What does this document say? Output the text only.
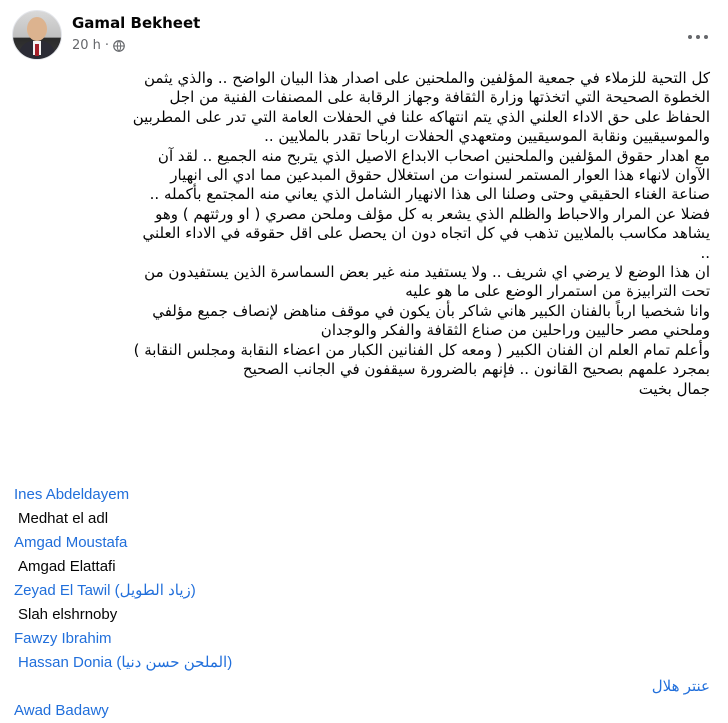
Gamal Bekheet
20 h ·

كل التحية للزملاء في جمعية المؤلفين والملحنين على اصدار هذا البيان الواضح .. والذي يثمن

الخطوة الصحيحة التي اتخذتها وزارة الثقافة وجهاز الرقابة على المصنفات الفنية من اجل

الحفاظ على حق الاداء العلني الذي يتم انتهاكه علنا في الحفلات العامة التي تدر على المطربين

والموسيقيين ونقابة الموسيقيين ومتعهدي الحفلات ارباحا تقدر بالملايين ..

مع اهدار حقوق المؤلفين والملحنين اصحاب الابداع الاصيل الذي يتربح منه الجميع .. لقد آن

الآوان لانهاء هذا العوار المستمر لسنوات من استغلال حقوق المبدعين مما ادي الى انهيار

صناعة الغناء الحقيقي وحتى وصلنا الى هذا الانهيار الشامل الذي يعاني منه المجتمع بأكمله ..

فضلا عن المرار والاحباط والظلم الذي يشعر به كل مؤلف وملحن مصري ( او ورثتهم ) وهو

يشاهد مكاسب بالملايين تذهب في كل اتجاه دون ان يحصل على اقل حقوقه في الاداء العلني

..

ان هذا الوضع لا يرضي اي شريف .. ولا يستفيد منه غير بعض السماسرة الذين يستفيدون من

تحت الترابيزة من استمرار الوضع على ما هو عليه

وانا شخصيا ارباً بالفنان الكبير هاني شاكر بأن يكون في موقف مناهض لإنصاف جميع مؤلفي

وملحني مصر حاليين وراحلين من صناع الثقافة والفكر والوجدان

وأعلم تمام العلم ان الفنان الكبير ( ومعه كل الفنانين الكبار من اعضاء النقابة ومجلس النقابة )

بمجرد علمهم بصحيح القانون .. فإنهم بالضرورة سيقفون في الجانب الصحيح

جمال بخيت

Ines Abdeldayem
Medhat el adl
Amgad Moustafa
Amgad Elattafi
Zeyad El Tawil (زياد الطويل)
Slah elshrnoby
Fawzy Ibrahim
Hassan Donia (الملحن حسن دنيا)
عنتر هلال
Awad Badawy
